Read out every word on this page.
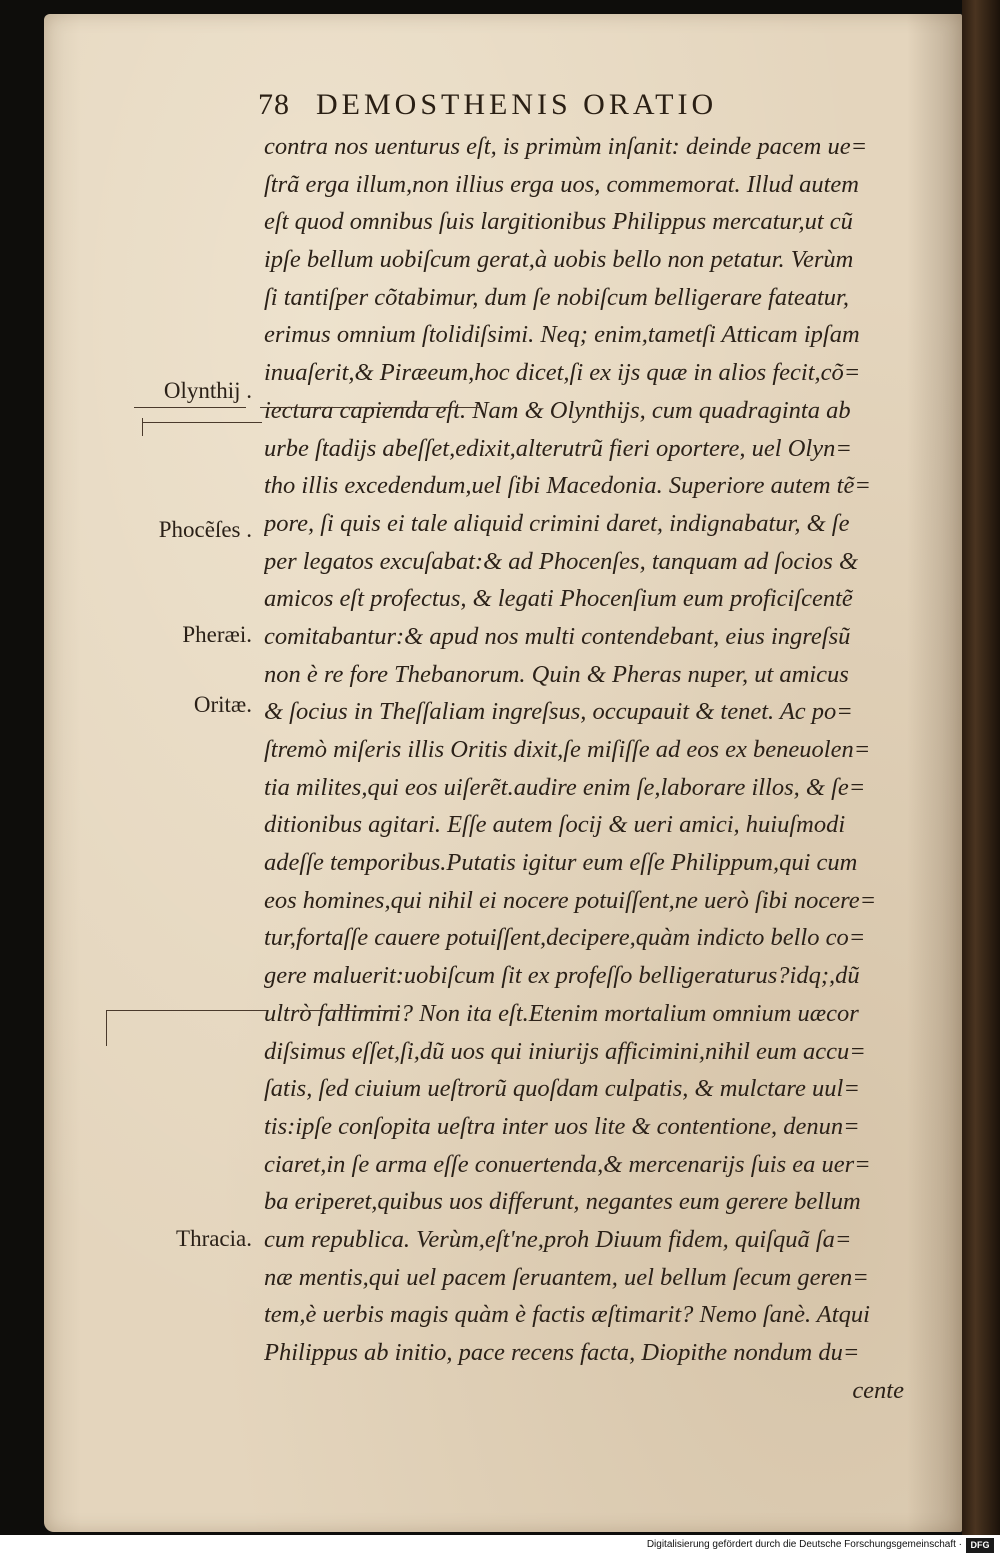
78 DEMOSTHENIS ORATIO
contra nos uenturus eſt, is primùm inſanit: deinde pacem ue=
ſtrã erga illum,non illius erga uos, commemorat. Illud autem
eſt quod omnibus ſuis largitionibus Philippus mercatur,ut cũ
ipſe bellum uobiſcum gerat,à uobis bello non petatur. Verùm
ſi tantiſper cõtabimur, dum ſe nobiſcum belligerare fateatur,
erimus omnium ſtolidiſsimi. Neq; enim,tametſi Atticam ipſam
inuaſerit,& Piræeum,hoc dicet,ſi ex ijs quæ in alios fecit,cõ=
iectura capienda eſt. Nam & Olynthijs, cum quadraginta ab
urbe ſtadijs abeſſet,edixit,alterutrũ fieri oportere, uel Olyn=
tho illis excedendum,uel ſibi Macedonia. Superiore autem tẽ=
pore, ſi quis ei tale aliquid crimini daret, indignabatur, & ſe
per legatos excuſabat:& ad Phocenſes, tanquam ad ſocios &
amicos eſt profectus, & legati Phocenſium eum proficiſcentẽ
comitabantur:& apud nos multi contendebant, eius ingreſsũ
non è re fore Thebanorum. Quin & Pheras nuper, ut amicus
& ſocius in Theſſaliam ingreſsus, occupauit & tenet. Ac po=
ſtremò miſeris illis Oritis dixit,ſe miſiſſe ad eos ex beneuolen=
tia milites,qui eos uiſerẽt.audire enim ſe,laborare illos, & ſe=
ditionibus agitari. Eſſe autem ſocij & ueri amici, huiuſmodi
adeſſe temporibus.Putatis igitur eum eſſe Philippum,qui cum
eos homines,qui nihil ei nocere potuiſſent,ne uerò ſibi nocere=
tur,fortaſſe cauere potuiſſent,decipere,quàm indicto bello co=
gere maluerit:uobiſcum ſit ex profeſſo belligeraturus?idq;,dũ
ultrò fallimini? Non ita eſt.Etenim mortalium omnium uæcor
diſsimus eſſet,ſi,dũ uos qui iniurijs afficimini,nihil eum accu=
ſatis, ſed ciuium ueſtrorũ quoſdam culpatis, & mulctare uul=
tis:ipſe conſopita ueſtra inter uos lite & contentione, denun=
ciaret,in ſe arma eſſe conuertenda,& mercenarijs ſuis ea uer=
ba eriperet,quibus uos differunt, negantes eum gerere bellum
cum republica. Verùm,eſt'ne,proh Diuum fidem, quiſquã ſa=
næ mentis,qui uel pacem ſeruantem, uel bellum ſecum geren=
tem,è uerbis magis quàm è factis æſtimarit? Nemo ſanè. Atqui
Philippus ab initio, pace recens facta, Diopithe nondum du=
cente
Olynthij .
Phocẽſes .
Pheræi.
Oritæ.
Thracia.
Digitalisierung gefördert durch die Deutsche Forschungsgemeinschaft · DFG
